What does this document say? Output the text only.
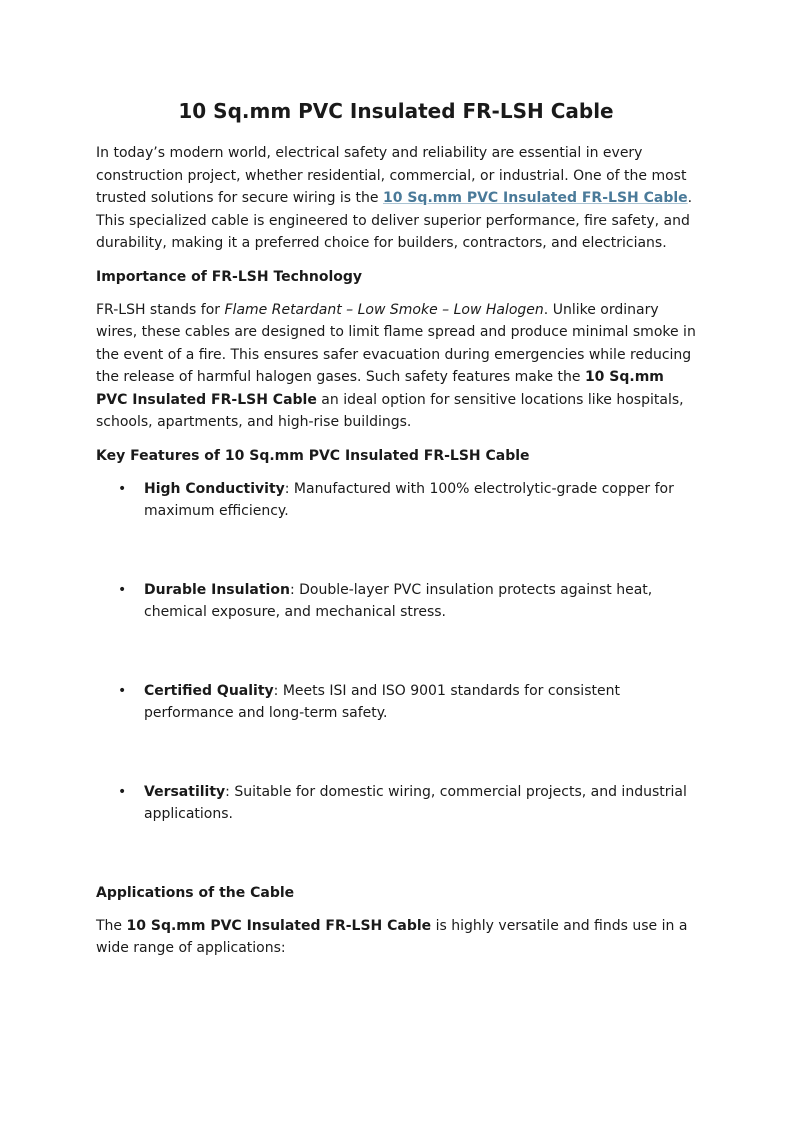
10 Sq.mm PVC Insulated FR-LSH Cable

In today’s modern world, electrical safety and reliability are essential in every construction project, whether residential, commercial, or industrial. One of the most trusted solutions for secure wiring is the 10 Sq.mm PVC Insulated FR-LSH Cable. This specialized cable is engineered to deliver superior performance, fire safety, and durability, making it a preferred choice for builders, contractors, and electricians.

Importance of FR-LSH Technology

FR-LSH stands for Flame Retardant – Low Smoke – Low Halogen. Unlike ordinary wires, these cables are designed to limit flame spread and produce minimal smoke in the event of a fire. This ensures safer evacuation during emergencies while reducing the release of harmful halogen gases. Such safety features make the 10 Sq.mm PVC Insulated FR-LSH Cable an ideal option for sensitive locations like hospitals, schools, apartments, and high-rise buildings.

Key Features of 10 Sq.mm PVC Insulated FR-LSH Cable
• High Conductivity: Manufactured with 100% electrolytic-grade copper for maximum efficiency.
• Durable Insulation: Double-layer PVC insulation protects against heat, chemical exposure, and mechanical stress.
• Certified Quality: Meets ISI and ISO 9001 standards for consistent performance and long-term safety.
• Versatility: Suitable for domestic wiring, commercial projects, and industrial applications.
Applications of the Cable

The 10 Sq.mm PVC Insulated FR-LSH Cable is highly versatile and finds use in a wide range of applications:
